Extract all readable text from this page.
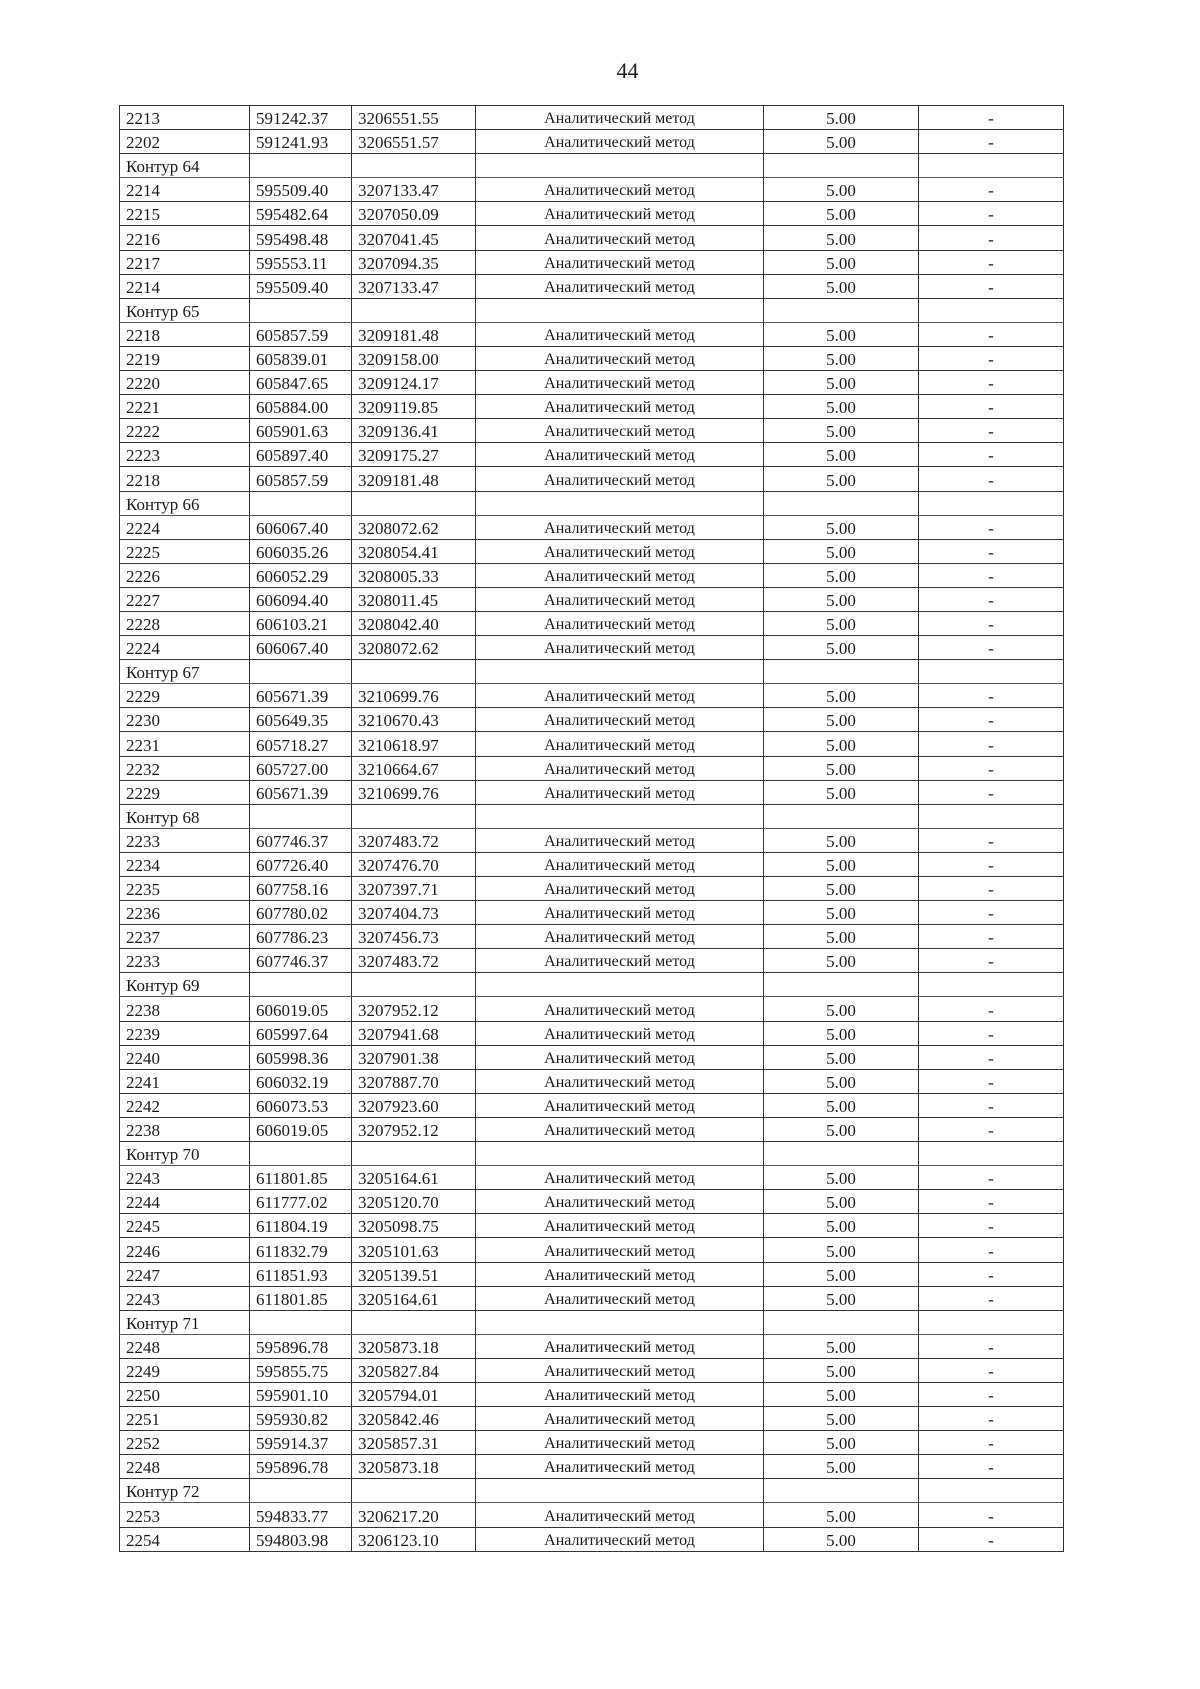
44
2213	591242.37	3206551.55	Аналитический метод	5.00	-
2202	591241.93	3206551.57	Аналитический метод	5.00	-
Контур 64					
2214	595509.40	3207133.47	Аналитический метод	5.00	-
2215	595482.64	3207050.09	Аналитический метод	5.00	-
2216	595498.48	3207041.45	Аналитический метод	5.00	-
2217	595553.11	3207094.35	Аналитический метод	5.00	-
2214	595509.40	3207133.47	Аналитический метод	5.00	-
Контур 65					
2218	605857.59	3209181.48	Аналитический метод	5.00	-
2219	605839.01	3209158.00	Аналитический метод	5.00	-
2220	605847.65	3209124.17	Аналитический метод	5.00	-
2221	605884.00	3209119.85	Аналитический метод	5.00	-
2222	605901.63	3209136.41	Аналитический метод	5.00	-
2223	605897.40	3209175.27	Аналитический метод	5.00	-
2218	605857.59	3209181.48	Аналитический метод	5.00	-
Контур 66					
2224	606067.40	3208072.62	Аналитический метод	5.00	-
2225	606035.26	3208054.41	Аналитический метод	5.00	-
2226	606052.29	3208005.33	Аналитический метод	5.00	-
2227	606094.40	3208011.45	Аналитический метод	5.00	-
2228	606103.21	3208042.40	Аналитический метод	5.00	-
2224	606067.40	3208072.62	Аналитический метод	5.00	-
Контур 67					
2229	605671.39	3210699.76	Аналитический метод	5.00	-
2230	605649.35	3210670.43	Аналитический метод	5.00	-
2231	605718.27	3210618.97	Аналитический метод	5.00	-
2232	605727.00	3210664.67	Аналитический метод	5.00	-
2229	605671.39	3210699.76	Аналитический метод	5.00	-
Контур 68					
2233	607746.37	3207483.72	Аналитический метод	5.00	-
2234	607726.40	3207476.70	Аналитический метод	5.00	-
2235	607758.16	3207397.71	Аналитический метод	5.00	-
2236	607780.02	3207404.73	Аналитический метод	5.00	-
2237	607786.23	3207456.73	Аналитический метод	5.00	-
2233	607746.37	3207483.72	Аналитический метод	5.00	-
Контур 69					
2238	606019.05	3207952.12	Аналитический метод	5.00	-
2239	605997.64	3207941.68	Аналитический метод	5.00	-
2240	605998.36	3207901.38	Аналитический метод	5.00	-
2241	606032.19	3207887.70	Аналитический метод	5.00	-
2242	606073.53	3207923.60	Аналитический метод	5.00	-
2238	606019.05	3207952.12	Аналитический метод	5.00	-
Контур 70					
2243	611801.85	3205164.61	Аналитический метод	5.00	-
2244	611777.02	3205120.70	Аналитический метод	5.00	-
2245	611804.19	3205098.75	Аналитический метод	5.00	-
2246	611832.79	3205101.63	Аналитический метод	5.00	-
2247	611851.93	3205139.51	Аналитический метод	5.00	-
2243	611801.85	3205164.61	Аналитический метод	5.00	-
Контур 71					
2248	595896.78	3205873.18	Аналитический метод	5.00	-
2249	595855.75	3205827.84	Аналитический метод	5.00	-
2250	595901.10	3205794.01	Аналитический метод	5.00	-
2251	595930.82	3205842.46	Аналитический метод	5.00	-
2252	595914.37	3205857.31	Аналитический метод	5.00	-
2248	595896.78	3205873.18	Аналитический метод	5.00	-
Контур 72					
2253	594833.77	3206217.20	Аналитический метод	5.00	-
2254	594803.98	3206123.10	Аналитический метод	5.00	-
